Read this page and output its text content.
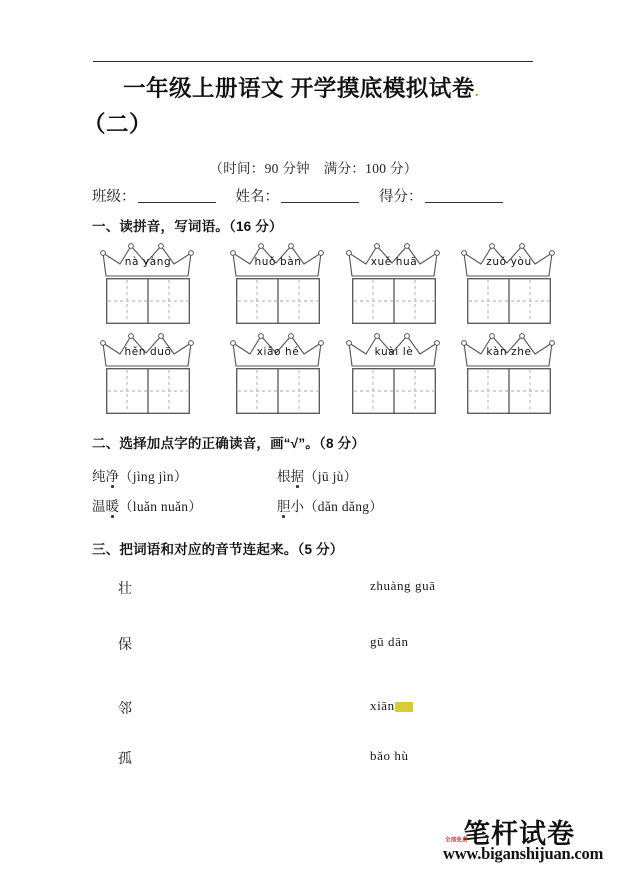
一年级上册语文 开学摸底模拟试卷.
（二）
（时间：90 分钟　满分：100 分）
班级：	姓名：	得分：
一、读拼音，写词语。（16 分）
nà yàng	huǒ bàn	xuě huā	zuǒ yòu
hěn duō	xiǎo hé	kuài lè	kàn zhe
二、选择加点字的正确读音，画“√”。（8 分）
纯净（jìng jìn）	根据（jū jù）
温暖（luǎn nuǎn）	胆小（dǎn dǎng）
三、把词语和对应的音节连起来。（5 分）
壮	zhuàng guā
保	gū dān
邻	xiāng yù
孤	bǎo hù
笔杆试卷
全部免费
www.biganshijuan.com
